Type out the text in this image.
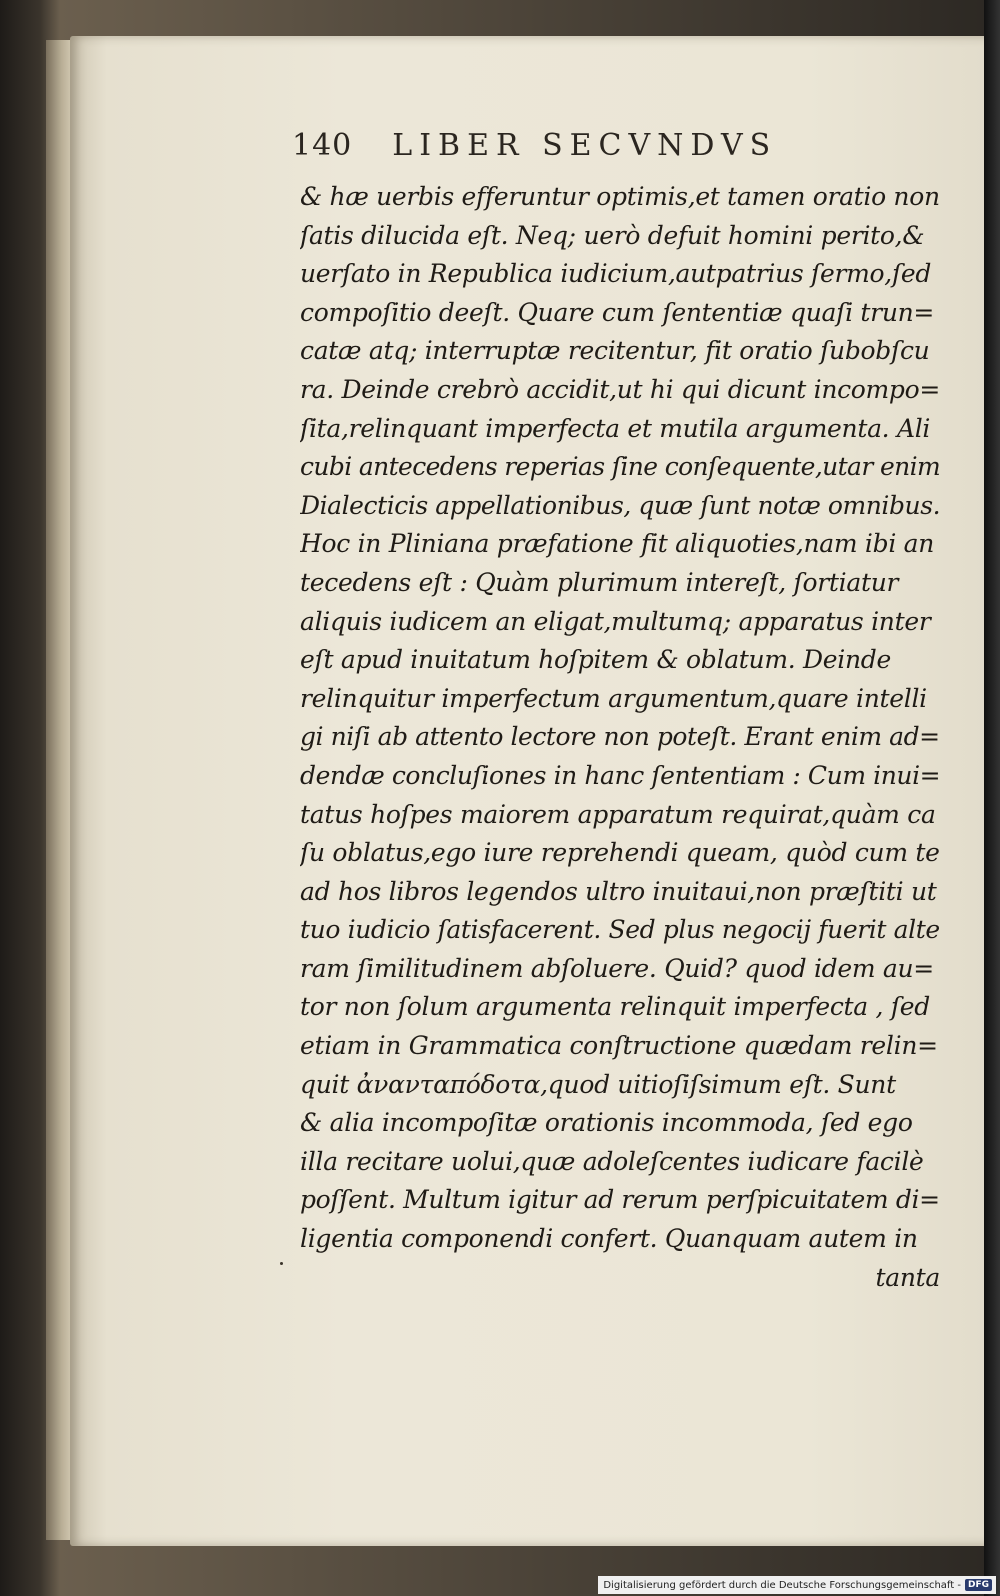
140 LIBER SECVNDVS
& hæ uerbis efferuntur optimis,et tamen oratio non
ſatis dilucida eſt. Neq; uerò defuit homini perito,&
uerſato in Republica iudicium,autpatrius ſermo,ſed
compoſitio deeſt. Quare cum ſententiæ quaſi trun=
catæ atq; interruptæ recitentur, fit oratio ſubobſcu
ra. Deinde crebrò accidit,ut hi qui dicunt incompo=
ſita,relinquant imperfecta et mutila argumenta. Ali
cubi antecedens reperias ſine conſequente,utar enim
Dialecticis appellationibus, quæ ſunt notæ omnibus.
Hoc in Pliniana præfatione fit aliquoties,nam ibi an
tecedens eſt : Quàm plurimum intereſt, ſortiatur
aliquis iudicem an eligat,multumq; apparatus inter
eſt apud inuitatum hoſpitem & oblatum. Deinde
relinquitur imperfectum argumentum,quare intelli
gi niſi ab attento lectore non poteſt. Erant enim ad=
dendæ concluſiones in hanc ſententiam : Cum inui=
tatus hoſpes maiorem apparatum requirat,quàm ca
ſu oblatus,ego iure reprehendi queam, quòd cum te
ad hos libros legendos ultro inuitaui,non præſtiti ut
tuo iudicio ſatisfacerent. Sed plus negocij fuerit alte
ram ſimilitudinem abſoluere. Quid? quod idem au=
tor non ſolum argumenta relinquit imperfecta , ſed
etiam in Grammatica conſtructione quædam relin=
quit ἀνανταπόδοτα,quod uitioſiſsimum eſt. Sunt
& alia incompoſitæ orationis incommoda, ſed ego
illa recitare uolui,quæ adoleſcentes iudicare facilè
poſſent. Multum igitur ad rerum perſpicuitatem di=
ligentia componendi confert. Quanquam autem in
tanta
Digitalisierung gefördert durch die Deutsche Forschungsgemeinschaft - DFG
